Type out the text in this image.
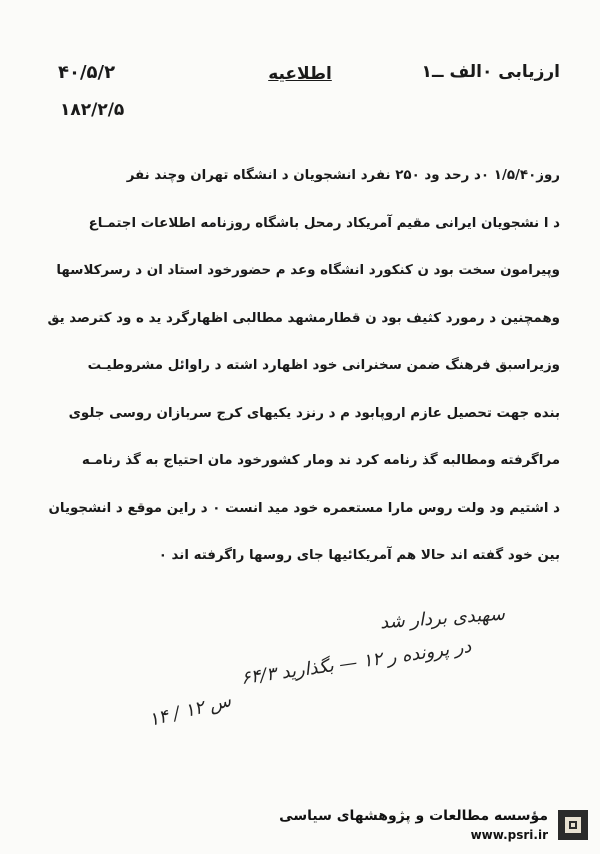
ارزیابی ۰الف ــ۱
اطلاعیه
۴۰/۵/۲
۱۸۲/۲/۵
روز۱/۵/۴۰ ۰د رحد ود ۲۵۰ نفرد انشجویان د انشگاه تهران وچند نفر
د ا نشجویان ایرانی مقیم آمریکاد رمحل باشگاه روزنامه اطلاعات اجتمـاع
وپیرامون سخت بود ن کنکورد انشگاه وعد م حضورخود استاد ان د رسرکلاسها
وهمچنین د رمورد کثیف بود ن قطارمشهد مطالبی اظهارگرد ید ه ود کترصد یق
وزیراسبق فرهنگ ضمن سخنرانی خود اظهارد اشته د راوائل مشروطیـت
بنده جهت تحصیل عازم اروپابود م د رنزد یکیهای کرج سربازان روسی جلوی
مراگرفته ومطالبه گذ رنامه کرد ند ومار کشورخود مان احتیاج به گذ رنامـه
د اشتیم ود ولت روس مارا مستعمره خود مید انست ۰ د راین موقع د انشجویان
بین خود گفته اند حالا هم آمریکائیها جای روسها راگرفته اند ۰
سهبدی بردار شد
در پرونده ر ۱۲ — بگذارید ۶۴/۳
س ۱۲ / ۱۴
مؤسسه مطالعات و پژوهشهای سیاسی
www.psri.ir
